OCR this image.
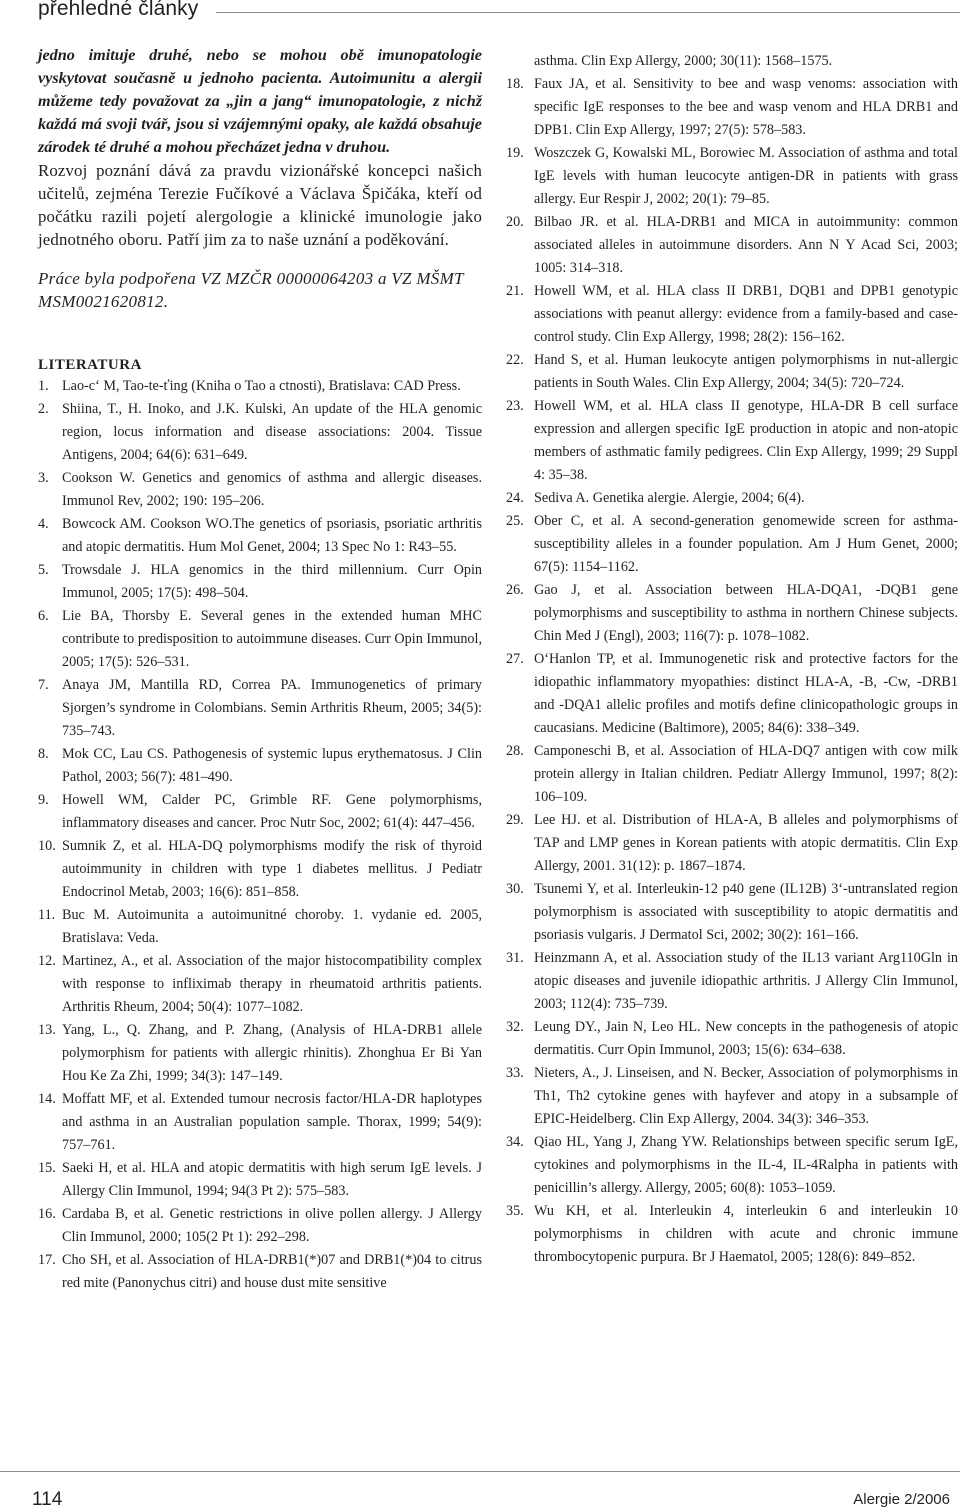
přehledné články

jedno imituje druhé, nebo se mohou obě imunopatologie vyskytovat současně u jednoho pacienta. Autoimunitu a alergii můžeme tedy považovat za „jin a jang“ imunopatologie, z nichž každá má svoji tvář, jsou si vzájemnými opaky, ale každá obsahuje zárodek té druhé a mohou přecházet jedna v druhou.

Rozvoj poznání dává za pravdu vizionářské koncepci našich učitelů, zejména Terezie Fučíkové a Václava Špičáka, kteří od počátku razili pojetí alergologie a klinické imunologie jako jednotného oboru. Patří jim za to naše uznání a poděkování.

Práce byla podpořena VZ MZČR 00000064203 a VZ MŠMT MSM0021620812.

LITERATURA
1. Lao-c‘ M, Tao-te-ťing (Kniha o Tao a ctnosti), Bratislava: CAD Press.
2. Shiina, T., H. Inoko, and J.K. Kulski, An update of the HLA genomic region, locus information and disease associations: 2004. Tissue Antigens, 2004; 64(6): 631–649.
3. Cookson W. Genetics and genomics of asthma and allergic diseases. Immunol Rev, 2002; 190: 195–206.
4. Bowcock AM. Cookson WO.The genetics of psoriasis, psoriatic arthritis and atopic dermatitis. Hum Mol Genet, 2004; 13 Spec No 1: R43–55.
5. Trowsdale J. HLA genomics in the third millennium. Curr Opin Immunol, 2005; 17(5): 498–504.
6. Lie BA, Thorsby E. Several genes in the extended human MHC contribute to predisposition to autoimmune diseases. Curr Opin Immunol, 2005; 17(5): 526–531.
7. Anaya JM, Mantilla RD, Correa PA. Immunogenetics of primary Sjorgen’s syndrome in Colombians. Semin Arthritis Rheum, 2005; 34(5): 735–743.
8. Mok CC, Lau CS. Pathogenesis of systemic lupus erythematosus. J Clin Pathol, 2003; 56(7): 481–490.
9. Howell WM, Calder PC, Grimble RF. Gene polymorphisms, inflammatory diseases and cancer. Proc Nutr Soc, 2002; 61(4): 447–456.
10. Sumnik Z, et al. HLA-DQ polymorphisms modify the risk of thyroid autoimmunity in children with type 1 diabetes mellitus. J Pediatr Endocrinol Metab, 2003; 16(6): 851–858.
11. Buc M. Autoimunita a autoimunitné choroby. 1. vydanie ed. 2005, Bratislava: Veda.
12. Martinez, A., et al. Association of the major histocompatibility complex with response to infliximab therapy in rheumatoid arthritis patients. Arthritis Rheum, 2004; 50(4): 1077–1082.
13. Yang, L., Q. Zhang, and P. Zhang, (Analysis of HLA-DRB1 allele polymorphism for patients with allergic rhinitis). Zhonghua Er Bi Yan Hou Ke Za Zhi, 1999; 34(3): 147–149.
14. Moffatt MF, et al. Extended tumour necrosis factor/HLA-DR haplotypes and asthma in an Australian population sample. Thorax, 1999; 54(9): 757–761.
15. Saeki H, et al. HLA and atopic dermatitis with high serum IgE levels. J Allergy Clin Immunol, 1994; 94(3 Pt 2): 575–583.
16. Cardaba B, et al. Genetic restrictions in olive pollen allergy. J Allergy Clin Immunol, 2000; 105(2 Pt 1): 292–298.
17. Cho SH, et al. Association of HLA-DRB1(*)07 and DRB1(*)04 to citrus red mite (Panonychus citri) and house dust mite sensitive
asthma. Clin Exp Allergy, 2000; 30(11): 1568–1575.
18. Faux JA, et al. Sensitivity to bee and wasp venoms: association with specific IgE responses to the bee and wasp venom and HLA DRB1 and DPB1. Clin Exp Allergy, 1997; 27(5): 578–583.
19. Woszczek G, Kowalski ML, Borowiec M. Association of asthma and total IgE levels with human leucocyte antigen-DR in patients with grass allergy. Eur Respir J, 2002; 20(1): 79–85.
20. Bilbao JR. et al. HLA-DRB1 and MICA in autoimmunity: common associated alleles in autoimmune disorders. Ann N Y Acad Sci, 2003; 1005: 314–318.
21. Howell WM, et al. HLA class II DRB1, DQB1 and DPB1 genotypic associations with peanut allergy: evidence from a family-based and case-control study. Clin Exp Allergy, 1998; 28(2): 156–162.
22. Hand S, et al. Human leukocyte antigen polymorphisms in nut-allergic patients in South Wales. Clin Exp Allergy, 2004; 34(5): 720–724.
23. Howell WM, et al. HLA class II genotype, HLA-DR B cell surface expression and allergen specific IgE production in atopic and non-atopic members of asthmatic family pedigrees. Clin Exp Allergy, 1999; 29 Suppl 4: 35–38.
24. Sediva A. Genetika alergie. Alergie, 2004; 6(4).
25. Ober C, et al. A second-generation genomewide screen for asthma-susceptibility alleles in a founder population. Am J Hum Genet, 2000; 67(5): 1154–1162.
26. Gao J, et al. Association between HLA-DQA1, -DQB1 gene polymorphisms and susceptibility to asthma in northern Chinese subjects. Chin Med J (Engl), 2003; 116(7): p. 1078–1082.
27. O‘Hanlon TP, et al. Immunogenetic risk and protective factors for the idiopathic inflammatory myopathies: distinct HLA-A, -B, -Cw, -DRB1 and -DQA1 allelic profiles and motifs define clinicopathologic groups in caucasians. Medicine (Baltimore), 2005; 84(6): 338–349.
28. Camponeschi B, et al. Association of HLA-DQ7 antigen with cow milk protein allergy in Italian children. Pediatr Allergy Immunol, 1997; 8(2): 106–109.
29. Lee HJ. et al. Distribution of HLA-A, B alleles and polymorphisms of TAP and LMP genes in Korean patients with atopic dermatitis. Clin Exp Allergy, 2001. 31(12): p. 1867–1874.
30. Tsunemi Y, et al. Interleukin-12 p40 gene (IL12B) 3‘-untranslated region polymorphism is associated with susceptibility to atopic dermatitis and psoriasis vulgaris. J Dermatol Sci, 2002; 30(2): 161–166.
31. Heinzmann A, et al. Association study of the IL13 variant Arg110Gln in atopic diseases and juvenile idiopathic arthritis. J Allergy Clin Immunol, 2003; 112(4): 735–739.
32. Leung DY., Jain N, Leo HL. New concepts in the pathogenesis of atopic dermatitis. Curr Opin Immunol, 2003; 15(6): 634–638.
33. Nieters, A., J. Linseisen, and N. Becker, Association of polymorphisms in Th1, Th2 cytokine genes with hayfever and atopy in a subsample of EPIC-Heidelberg. Clin Exp Allergy, 2004. 34(3): 346–353.
34. Qiao HL, Yang J, Zhang YW. Relationships between specific serum IgE, cytokines and polymorphisms in the IL-4, IL-4Ralpha in patients with penicillin’s allergy. Allergy, 2005; 60(8): 1053–1059.
35. Wu KH, et al. Interleukin 4, interleukin 6 and interleukin 10 polymorphisms in children with acute and chronic immune thrombocytopenic purpura. Br J Haematol, 2005; 128(6): 849–852.
114	Alergie 2/2006
